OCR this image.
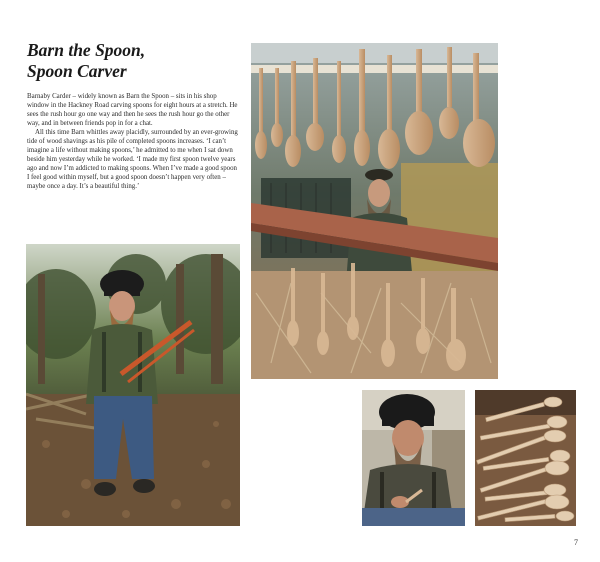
Barn the Spoon,
Spoon Carver

Barnaby Carder – widely known as Barn the Spoon – sits in his shop window in the Hackney Road carving spoons for eight hours at a stretch. He sees the rush hour go one way and then he sees the rush hour go the other way, and in between friends pop in for a chat.

All this time Barn whittles away placidly, surrounded by an ever-growing tide of wood shavings as his pile of completed spoons increases. ‘I can’t imagine a life without making spoons,’ he admitted to me when I sat down beside him yesterday while he worked. ‘I made my first spoon twelve years ago and now I’m addicted to making spoons. When I’ve made a good spoon I feel good within myself, but a good spoon doesn’t happen very often – maybe once a day. It’s a beautiful thing.’

7
